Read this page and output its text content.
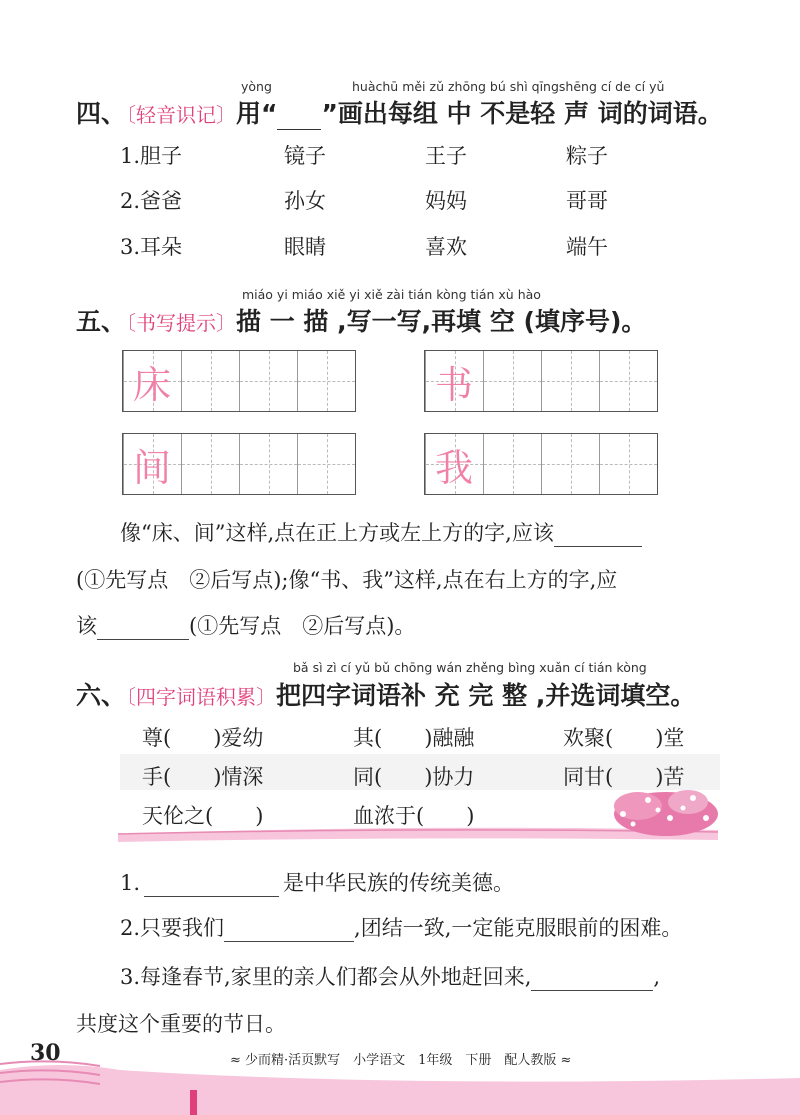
yòng	huàchū měi zǔ zhōng bú shì qīngshēng cí de cí yǔ
四、〔轻音识记〕用“ ”画出每组 中 不是轻 声 词的词语。
1.胆子	镜子	王子	粽子
2.爸爸	孙女	妈妈	哥哥
3.耳朵	眼睛	喜欢	端午
miáo yi miáo xiě yi xiě zài tián kòng tián xù hào
五、〔书写提示〕描 一 描 ,写一写,再填 空 (填序号)。
床	书
间	我
像“床、间”这样,点在正上方或左上方的字,应该
(①先写点　②后写点);像“书、我”这样,点在右上方的字,应
该	(①先写点　②后写点)。
bǎ sì zì cí yǔ bǔ chōng wán zhěng bìng xuǎn cí tián kòng
六、〔四字词语积累〕把四字词语补 充 完 整 ,并选词填空。
尊(　　)爱幼	其(　　)融融	欢聚(　　)堂
手(　　)情深	同(　　)协力	同甘(　　)苦
天伦之(　　)	血浓于(　　)
1.	是中华民族的传统美德。
2.只要我们	,团结一致,一定能克服眼前的困难。
3.每逢春节,家里的亲人们都会从外地赶回来,	,
共度这个重要的节日。
30	≈ 少而精·活页默写　小学语文　1年级　下册　配人教版 ≈
